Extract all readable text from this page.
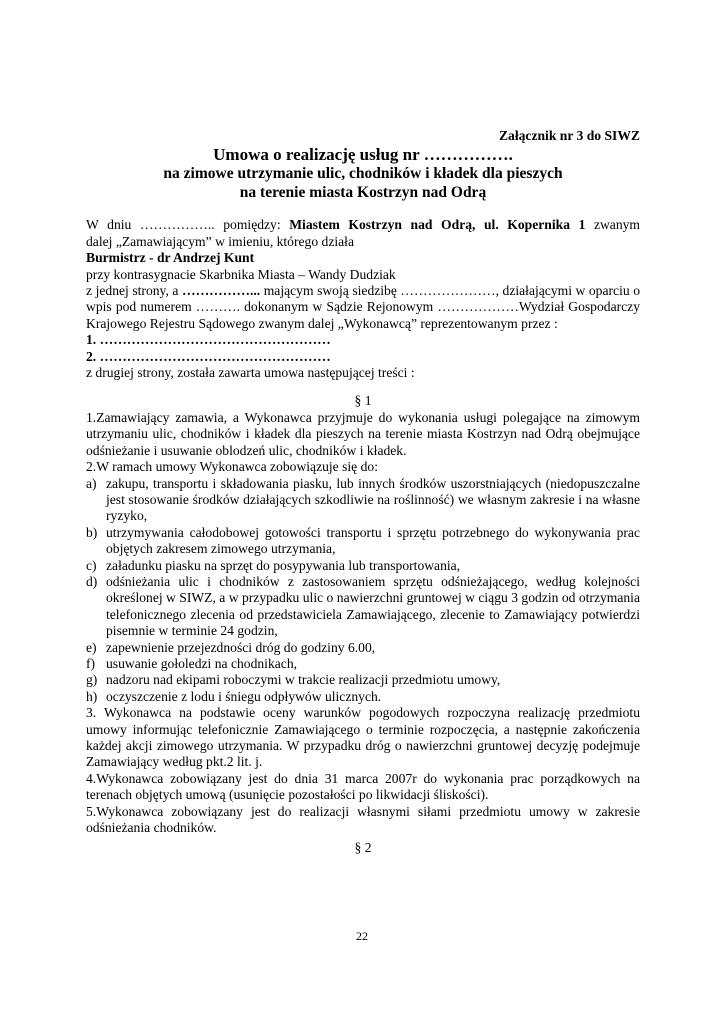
Załącznik nr 3 do SIWZ

Umowa o realizację usług nr …………….

na zimowe utrzymanie ulic, chodników i kładek dla pieszych

na terenie miasta Kostrzyn nad Odrą

W dniu …………….. pomiędzy: Miastem Kostrzyn nad Odrą, ul. Kopernika 1 zwanym

dalej „Zamawiającym” w imieniu, którego działa

Burmistrz - dr Andrzej Kunt

przy kontrasygnacie Skarbnika Miasta – Wandy Dudziak

z jednej strony, a ……………... mającym swoją siedzibę …………………, działającymi w oparciu o wpis pod numerem ………. dokonanym w Sądzie Rejonowym ………………Wydział Gospodarczy Krajowego Rejestru Sądowego zwanym dalej „Wykonawcą” reprezentowanym przez :

1. ……………………………………………

2. ……………………………………………

z drugiej strony, została zawarta umowa następującej treści :

§ 1

1.Zamawiający zamawia, a Wykonawca przyjmuje do wykonania usługi polegające na zimowym utrzymaniu ulic, chodników i kładek dla pieszych na terenie miasta Kostrzyn nad Odrą obejmujące odśnieżanie i usuwanie oblodzeń ulic, chodników i kładek.

2.W ramach umowy Wykonawca zobowiązuje się do:

a) zakupu, transportu i składowania piasku, lub innych środków uszorstniających (niedopuszczalne jest stosowanie środków działających szkodliwie na roślinność) we własnym zakresie i na własne ryzyko,
b) utrzymywania całodobowej gotowości transportu i sprzętu potrzebnego do wykonywania prac objętych zakresem zimowego utrzymania,
c) załadunku piasku na sprzęt do posypywania lub transportowania,
d) odśnieżania ulic i chodników z zastosowaniem sprzętu odśnieżającego, według kolejności określonej w SIWZ, a w przypadku ulic o nawierzchni gruntowej w ciągu 3 godzin od otrzymania telefonicznego zlecenia od przedstawiciela Zamawiającego, zlecenie to Zamawiający potwierdzi pisemnie w terminie 24 godzin,
e) zapewnienie przejezdności dróg do godziny 6.00,
f) usuwanie gołoledzi na chodnikach,
g) nadzoru nad ekipami roboczymi w trakcie realizacji przedmiotu umowy,
h) oczyszczenie z lodu i śniegu odpływów ulicznych.

3. Wykonawca na podstawie oceny warunków pogodowych rozpoczyna realizację przedmiotu umowy informując telefonicznie Zamawiającego o terminie rozpoczęcia, a następnie zakończenia każdej akcji zimowego utrzymania. W przypadku dróg o nawierzchni gruntowej decyzję podejmuje Zamawiający według pkt.2 lit. j.

4.Wykonawca zobowiązany jest do dnia 31 marca 2007r do wykonania prac porządkowych na terenach objętych umową (usunięcie pozostałości po likwidacji śliskości).

5.Wykonawca zobowiązany jest do realizacji własnymi siłami przedmiotu umowy w zakresie odśnieżania chodników.

§ 2

22
